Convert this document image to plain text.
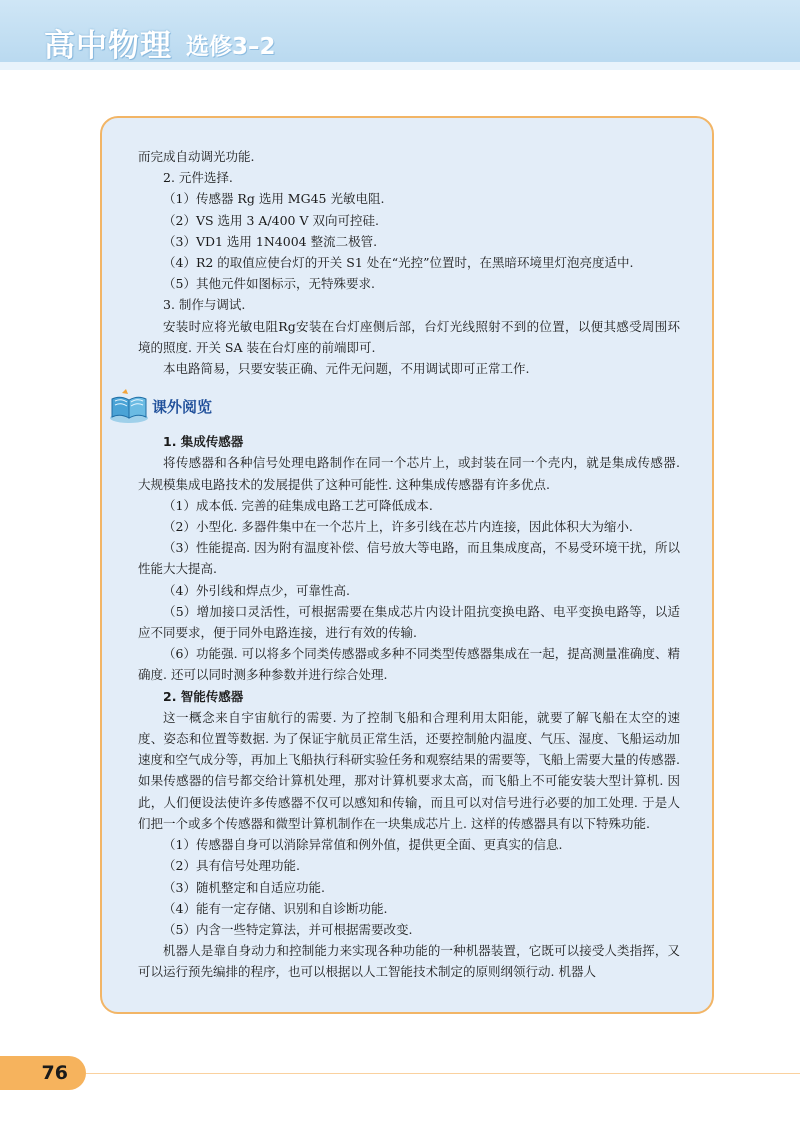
高中物理 选修3–2

而完成自动调光功能.

2. 元件选择.

（1）传感器 Rg 选用 MG45 光敏电阻.

（2）VS 选用 3 A/400 V 双向可控硅.

（3）VD1 选用 1N4004 整流二极管.

（4）R2 的取值应使台灯的开关 S1 处在“光控”位置时，在黑暗环境里灯泡亮度适中.

（5）其他元件如图标示，无特殊要求.

3. 制作与调试.

安装时应将光敏电阻Rg安装在台灯座侧后部，台灯光线照射不到的位置，以便其感受周围环境的照度. 开关 SA 装在台灯座的前端即可.

本电路简易，只要安装正确、元件无问题，不用调试即可正常工作.

课外阅览

1. 集成传感器

将传感器和各种信号处理电路制作在同一个芯片上，或封装在同一个壳内，就是集成传感器. 大规模集成电路技术的发展提供了这种可能性. 这种集成传感器有许多优点.

（1）成本低. 完善的硅集成电路工艺可降低成本.

（2）小型化. 多器件集中在一个芯片上，许多引线在芯片内连接，因此体积大为缩小.

（3）性能提高. 因为附有温度补偿、信号放大等电路，而且集成度高，不易受环境干扰，所以性能大大提高.

（4）外引线和焊点少，可靠性高.

（5）增加接口灵活性，可根据需要在集成芯片内设计阻抗变换电路、电平变换电路等，以适应不同要求，便于同外电路连接，进行有效的传输.

（6）功能强. 可以将多个同类传感器或多种不同类型传感器集成在一起，提高测量准确度、精确度. 还可以同时测多种参数并进行综合处理.

2. 智能传感器

这一概念来自宇宙航行的需要. 为了控制飞船和合理利用太阳能，就要了解飞船在太空的速度、姿态和位置等数据. 为了保证宇航员正常生活，还要控制舱内温度、气压、湿度、飞船运动加速度和空气成分等，再加上飞船执行科研实验任务和观察结果的需要等，飞船上需要大量的传感器. 如果传感器的信号都交给计算机处理，那对计算机要求太高，而飞船上不可能安装大型计算机. 因此，人们便设法使许多传感器不仅可以感知和传输，而且可以对信号进行必要的加工处理. 于是人们把一个或多个传感器和微型计算机制作在一块集成芯片上. 这样的传感器具有以下特殊功能.

（1）传感器自身可以消除异常值和例外值，提供更全面、更真实的信息.

（2）具有信号处理功能.

（3）随机整定和自适应功能.

（4）能有一定存储、识别和自诊断功能.

（5）内含一些特定算法，并可根据需要改变.

机器人是靠自身动力和控制能力来实现各种功能的一种机器装置，它既可以接受人类指挥，又可以运行预先编排的程序，也可以根据以人工智能技术制定的原则纲领行动. 机器人

76
